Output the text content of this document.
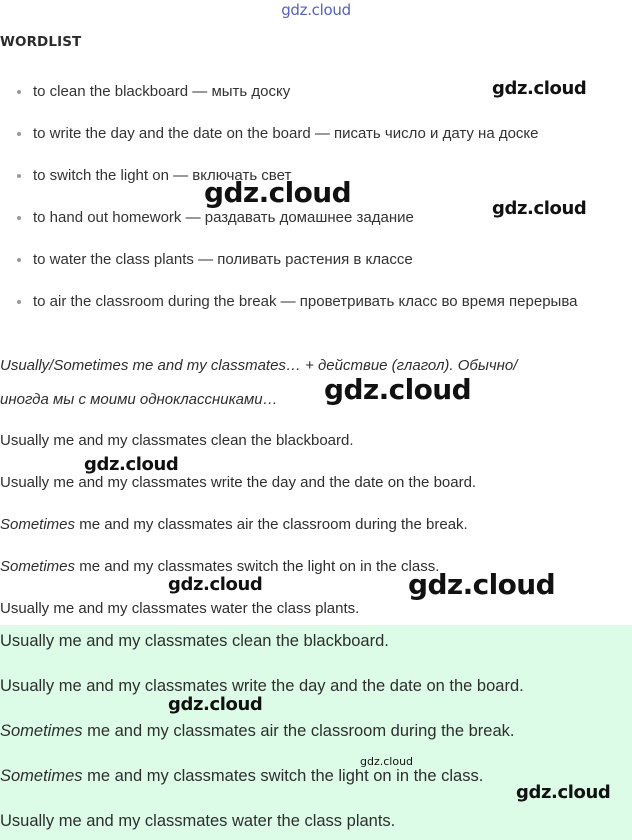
gdz.cloud
WORDLIST
to clean the blackboard — мыть доску
to write the day and the date on the board — писать число и дату на доске
to switch the light on — включать свет
to hand out homework — раздавать домашнее задание
to water the class plants — поливать растения в классе
to air the classroom during the break — проветривать класс во время перерыва
Usually/Sometimes me and my classmates… + действие (глагол). Обычно/
иногда мы с моими одноклассниками…
Usually me and my classmates clean the blackboard.
Usually me and my classmates write the day and the date on the board.
Sometimes me and my classmates air the classroom during the break.
Sometimes me and my classmates switch the light on in the class.
Usually me and my classmates water the class plants.
Usually me and my classmates clean the blackboard.
Usually me and my classmates write the day and the date on the board.
Sometimes me and my classmates air the classroom during the break.
Sometimes me and my classmates switch the light on in the class.
Usually me and my classmates water the class plants.
gdz.cloud
gdz.cloud	gdz.cloud
gdz.cloud
gdz.cloud
gdz.cloud	gdz.cloud
gdz.cloud
gdz.cloud
gdz.cloud
